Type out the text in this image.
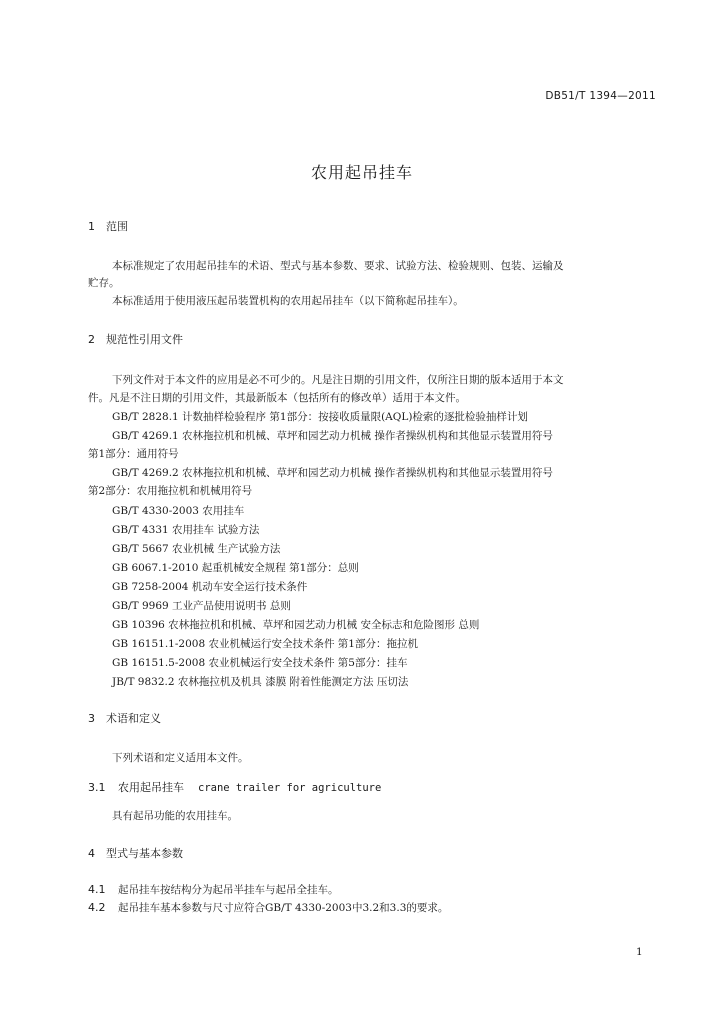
DB51/T 1394—2011
农用起吊挂车
1 范围
本标准规定了农用起吊挂车的术语、型式与基本参数、要求、试验方法、检验规则、包装、运输及
贮存。
本标准适用于使用液压起吊装置机构的农用起吊挂车（以下简称起吊挂车）。
2 规范性引用文件
下列文件对于本文件的应用是必不可少的。凡是注日期的引用文件，仅所注日期的版本适用于本文
件。凡是不注日期的引用文件，其最新版本（包括所有的修改单）适用于本文件。
GB/T 2828.1 计数抽样检验程序 第1部分：按接收质量限(AQL)检索的逐批检验抽样计划
GB/T 4269.1 农林拖拉机和机械、草坪和园艺动力机械 操作者操纵机构和其他显示装置用符号
第1部分：通用符号
GB/T 4269.2 农林拖拉机和机械、草坪和园艺动力机械 操作者操纵机构和其他显示装置用符号
第2部分：农用拖拉机和机械用符号
GB/T 4330-2003 农用挂车
GB/T 4331 农用挂车 试验方法
GB/T 5667 农业机械 生产试验方法
GB 6067.1-2010 起重机械安全规程 第1部分：总则
GB 7258-2004 机动车安全运行技术条件
GB/T 9969 工业产品使用说明书 总则
GB 10396 农林拖拉机和机械、草坪和园艺动力机械 安全标志和危险图形 总则
GB 16151.1-2008 农业机械运行安全技术条件 第1部分：拖拉机
GB 16151.5-2008 农业机械运行安全技术条件 第5部分：挂车
JB/T 9832.2 农林拖拉机及机具 漆膜 附着性能测定方法 压切法
3 术语和定义
下列术语和定义适用本文件。
3.1 农用起吊挂车 crane trailer for agriculture
具有起吊功能的农用挂车。
4 型式与基本参数
4.1 起吊挂车按结构分为起吊半挂车与起吊全挂车。
4.2 起吊挂车基本参数与尺寸应符合GB/T 4330-2003中3.2和3.3的要求。
1
